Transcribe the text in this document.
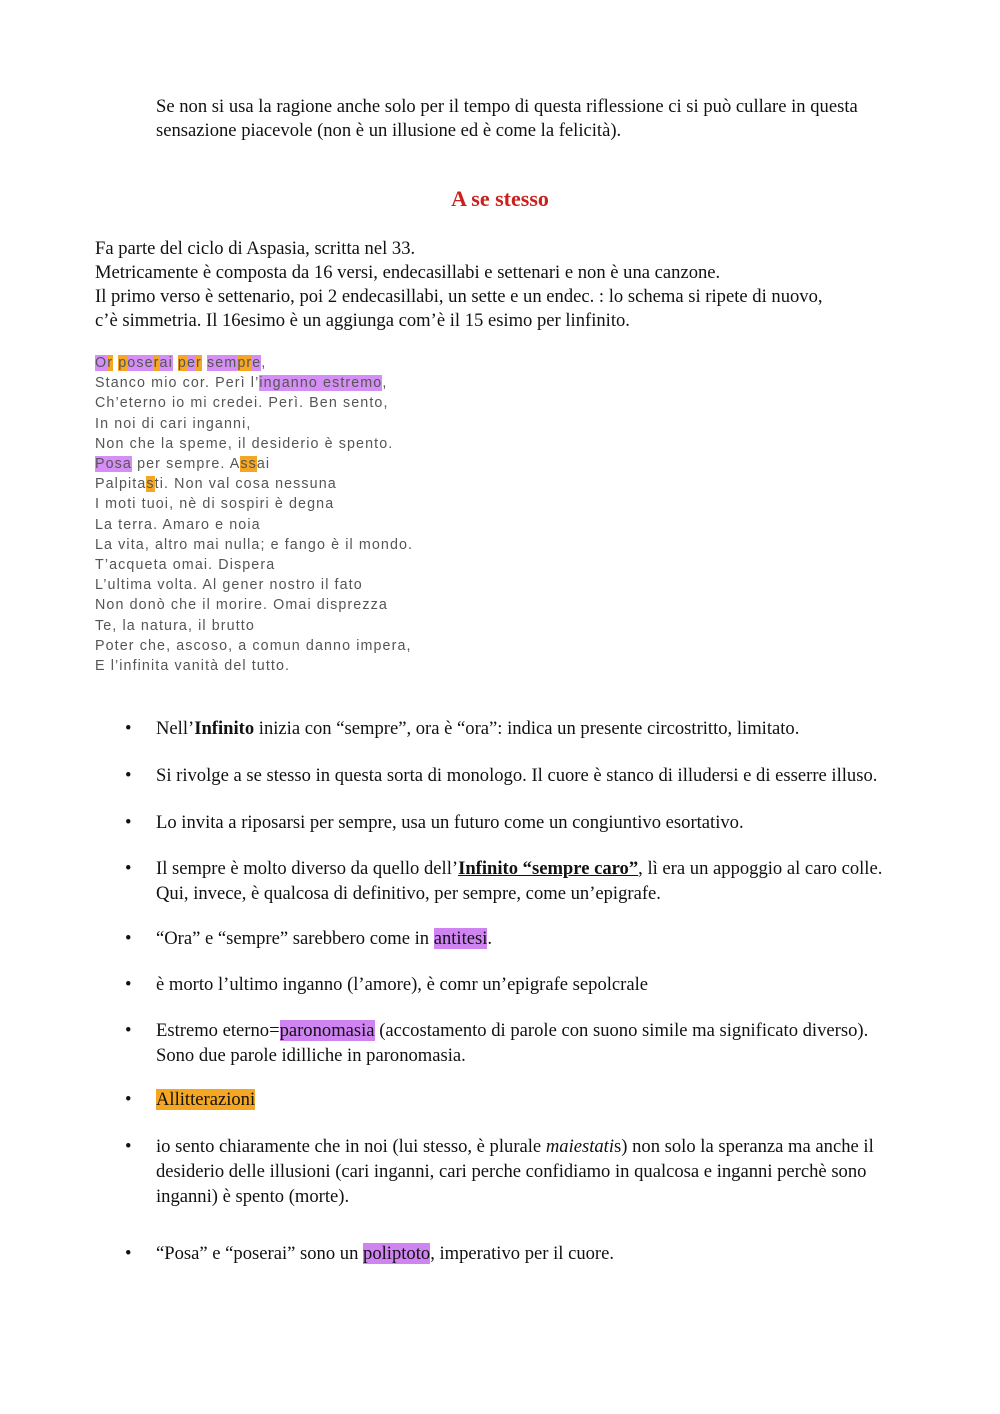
Se non si usa la ragione anche solo per il tempo di questa riflessione ci si può cullare in questa sensazione piacevole (non è un illusione ed è come la felicità).
A se stesso
Fa parte del ciclo di Aspasia, scritta nel 33.
Metricamente è composta da 16 versi, endecasillabi e settenari e non è una canzone.
Il primo verso è settenario, poi 2 endecasillabi, un sette e un endec. : lo schema si ripete di nuovo,
c’è simmetria. Il 16esimo è un aggiunga com’è il 15 esimo per linfinito.
Or poserai per sempre,
Stanco mio cor. Perì l’inganno estremo,
Ch’eterno io mi credei. Perì. Ben sento,
In noi di cari inganni,
Non che la speme, il desiderio è spento.
Posa per sempre. Assai
Palpitasti. Non val cosa nessuna
I moti tuoi, nè di sospiri è degna
La terra. Amaro e noia
La vita, altro mai nulla; e fango è il mondo.
T’acqueta omai. Dispera
L’ultima volta. Al gener nostro il fato
Non donò che il morire. Omai disprezza
Te, la natura, il brutto
Poter che, ascoso, a comun danno impera,
E l’infinita vanità del tutto.
• Nell’Infinito inizia con “sempre”, ora è “ora”: indica un presente circostritto, limitato.
• Si rivolge a se stesso in questa sorta di monologo. Il cuore è stanco di illudersi e di esserre illuso.
• Lo invita a riposarsi per sempre, usa un futuro come un congiuntivo esortativo.
• Il sempre è molto diverso da quello dell’Infinito “sempre caro”, lì era un appoggio al caro colle. Qui, invece, è qualcosa di definitivo, per sempre, come un’epigrafe.
• “Ora” e “sempre” sarebbero come in antitesi.
• è morto l’ultimo inganno (l’amore), è comr un’epigrafe sepolcrale
• Estremo eterno=paronomasia (accostamento di parole con suono simile ma significato diverso). Sono due parole idilliche in paronomasia.
• Allitterazioni
• io sento chiaramente che in noi (lui stesso, è plurale maiestatis) non solo la speranza ma anche il desiderio delle illusioni (cari inganni, cari perche confidiamo in qualcosa e inganni perchè sono inganni) è spento (morte).
• “Posa” e “poserai” sono un poliptoto, imperativo per il cuore.
